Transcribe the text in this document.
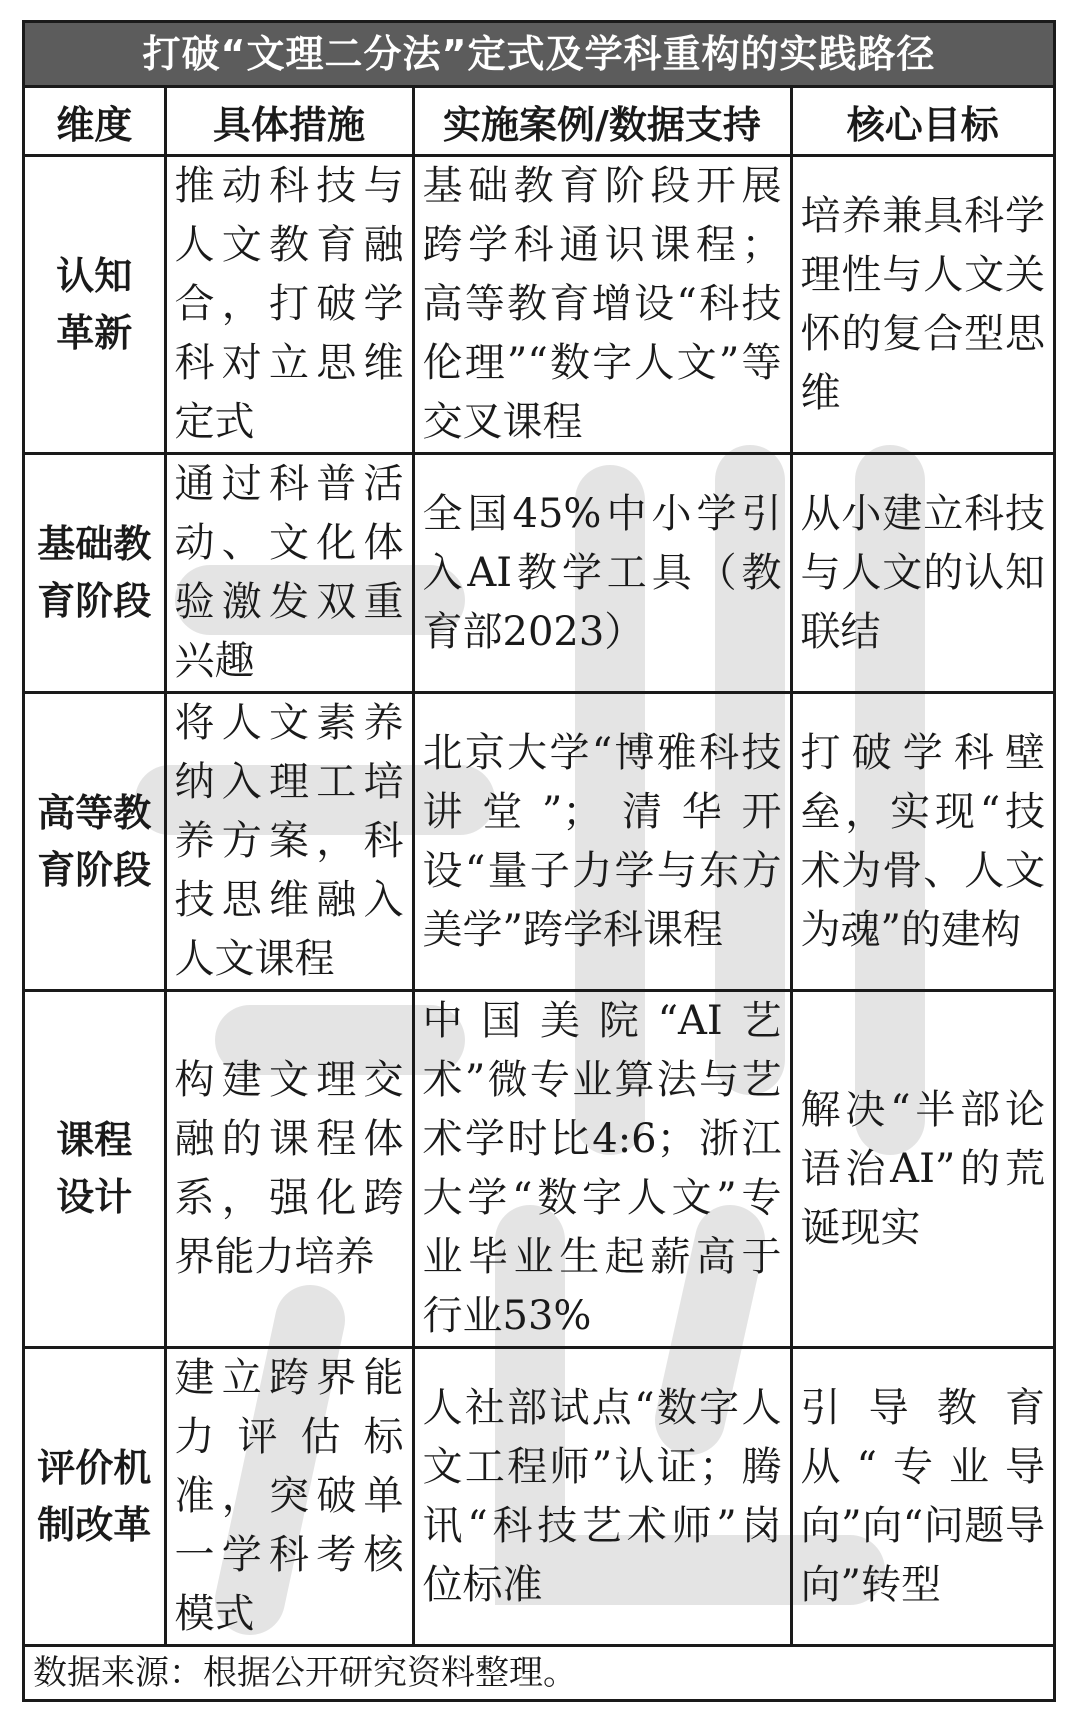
打破“文理二分法”定式及学科重构的实践路径
维度	具体措施	实施案例/数据支持	核心目标
认知革新	推动科技与人文教育融合，打破学科对立思维定式	基础教育阶段开展跨学科通识课程；高等教育增设“科技伦理”“数字人文”等交叉课程	培养兼具科学理性与人文关怀的复合型思维
基础教育阶段	通过科普活动、文化体验激发双重兴趣	全国45%中小学引入AI教学工具（教育部2023）	从小建立科技与人文的认知联结
高等教育阶段	将人文素养纳入理工培养方案，科技思维融入人文课程	北京大学“博雅科技讲堂”；清华开设“量子力学与东方美学”跨学科课程	打破学科壁垒，实现“技术为骨、人文为魂”的建构
课程设计	构建文理交融的课程体系，强化跨界能力培养	中国美院“AI艺术”微专业算法与艺术学时比4:6；浙江大学“数字人文”专业毕业生起薪高于行业53%	解决“半部论语治AI”的荒诞现实
评价机制改革	建立跨界能力评估标准，突破单一学科考核模式	人社部试点“数字人文工程师”认证；腾讯“科技艺术师”岗位标准	引导教育从“专业导向”向“问题导向”转型
数据来源：根据公开研究资料整理。
